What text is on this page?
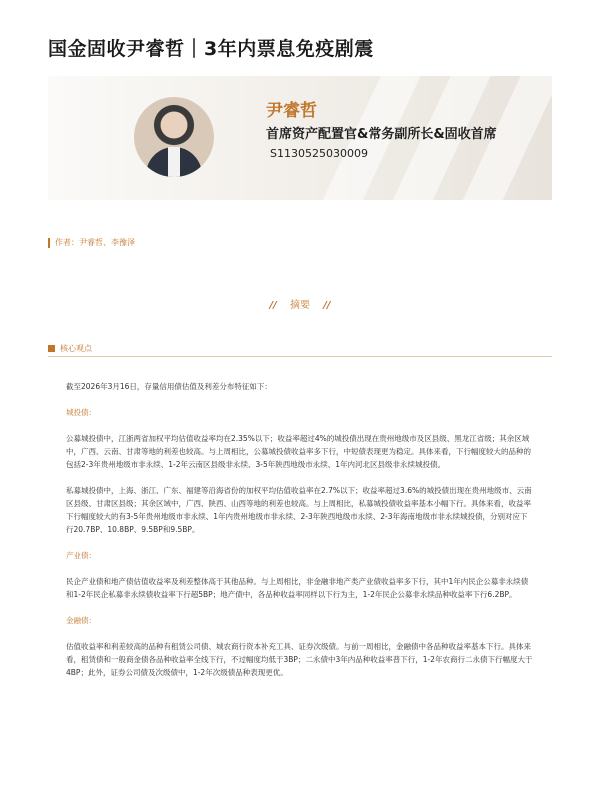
国金固收尹睿哲｜3年内票息免疫剧震
尹睿哲
首席资产配置官&常务副所长&固收首席
S1130525030009
作者：尹睿哲、李豫泽
// 摘要 //
核心观点

截至2026年3月16日，存量信用债估值及利差分布特征如下：

城投债：

公募城投债中，江浙两省加权平均估值收益率均在2.35%以下；收益率超过4%的城投债出现在贵州地级市及区县级、黑龙江省级；其余区域中，广西、云南、甘肃等地的利差也较高。与上周相比，公募城投债收益率多下行，中短债表现更为稳定。具体来看，下行幅度较大的品种的包括2-3年贵州地级市非永续、1-2年云南区县级非永续、3-5年陕西地级市永续、1年内河北区县级非永续城投债。

私募城投债中，上海、浙江、广东、福建等沿海省份的加权平均估值收益率在2.7%以下；收益率超过3.6%的城投债出现在贵州地级市、云南区县级、甘肃区县级；其余区域中，广西、陕西、山西等地的利差也较高。与上周相比，私募城投债收益率基本小幅下行。具体来看，收益率下行幅度较大的有3-5年贵州地级市非永续、1年内贵州地级市非永续、2-3年陕西地级市永续、2-3年海南地级市非永续城投债，分别对应下行20.7BP、10.8BP、9.5BP和9.5BP。

产业债：

民企产业债和地产债估值收益率及利差整体高于其他品种。与上周相比，非金融非地产类产业债收益率多下行，其中1年内民企公募非永续债和1-2年民企私募非永续债收益率下行超5BP；地产债中，各品种收益率同样以下行为主，1-2年民企公募非永续品种收益率下行6.2BP。

金融债：

估值收益率和利差较高的品种有租赁公司债、城农商行资本补充工具、证券次级债。与前一周相比，金融债中各品种收益率基本下行。具体来看，租赁债和一般商金债各品种收益率全线下行，不过幅度均低于3BP；二永债中3年内品种收益率普下行，1-2年农商行二永债下行幅度大于4BP；此外，证券公司债及次级债中，1-2年次级债品种表现更优。
